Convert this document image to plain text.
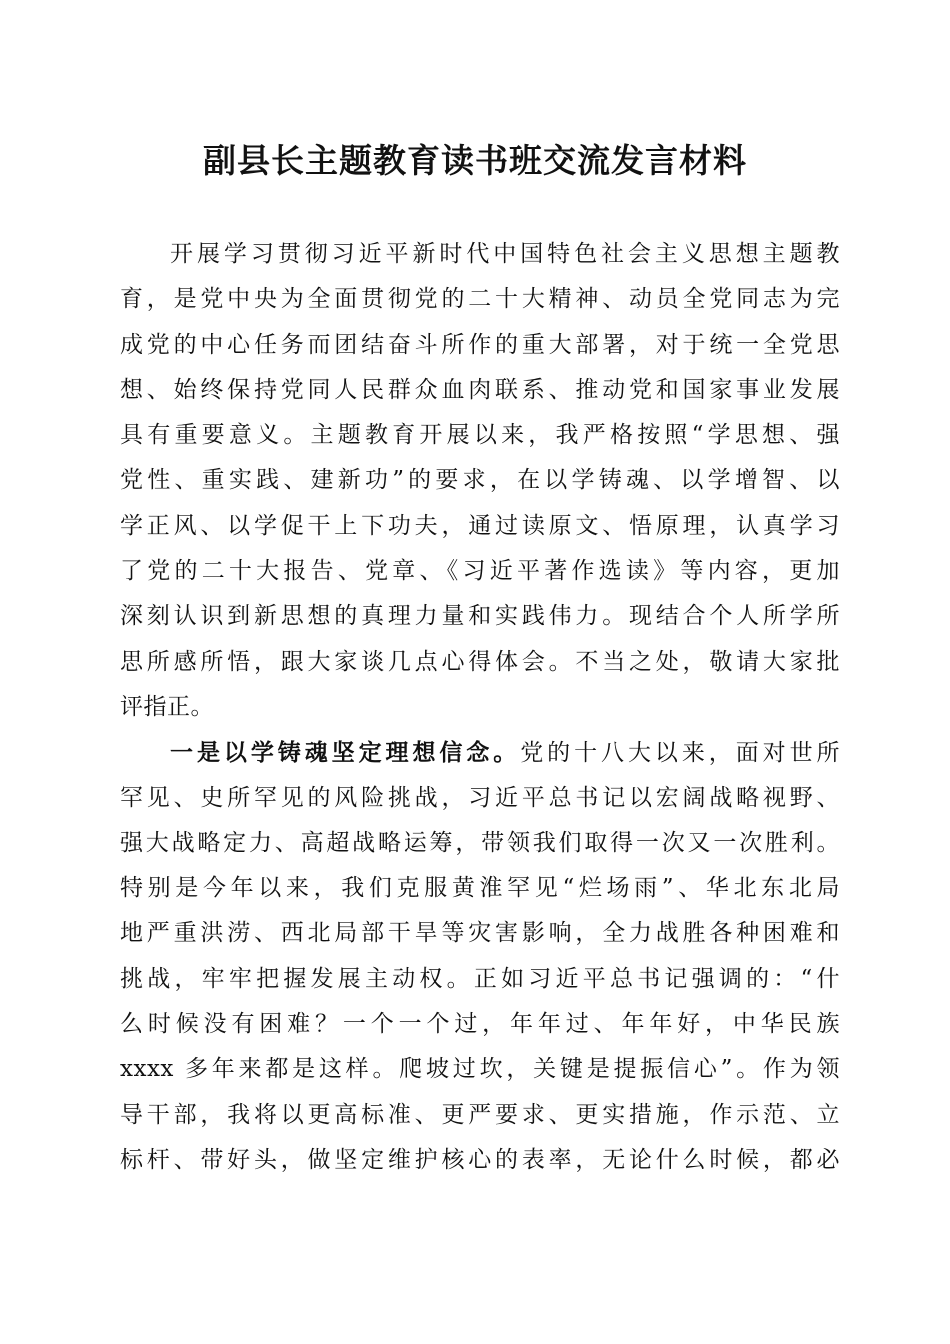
副县长主题教育读书班交流发言材料
开展学习贯彻习近平新时代中国特色社会主义思想主题教
育，是党中央为全面贯彻党的二十大精神、动员全党同志为完
成党的中心任务而团结奋斗所作的重大部署，对于统一全党思
想、始终保持党同人民群众血肉联系、推动党和国家事业发展
具有重要意义。主题教育开展以来，我严格按照“学思想、强
党性、重实践、建新功”的要求，在以学铸魂、以学增智、以
学正风、以学促干上下功夫，通过读原文、悟原理，认真学习
了党的二十大报告、党章、《习近平著作选读》等内容，更加
深刻认识到新思想的真理力量和实践伟力。现结合个人所学所
思所感所悟，跟大家谈几点心得体会。不当之处，敬请大家批
评指正。
一是以学铸魂坚定理想信念。党的十八大以来，面对世所
罕见、史所罕见的风险挑战，习近平总书记以宏阔战略视野、
强大战略定力、高超战略运筹，带领我们取得一次又一次胜利。
特别是今年以来，我们克服黄淮罕见“烂场雨”、华北东北局
地严重洪涝、西北局部干旱等灾害影响，全力战胜各种困难和
挑战，牢牢把握发展主动权。正如习近平总书记强调的：“什
么时候没有困难？一个一个过，年年过、年年好，中华民族
xxxx 多年来都是这样。爬坡过坎，关键是提振信心”。作为领
导干部，我将以更高标准、更严要求、更实措施，作示范、立
标杆、带好头，做坚定维护核心的表率，无论什么时候，都必
